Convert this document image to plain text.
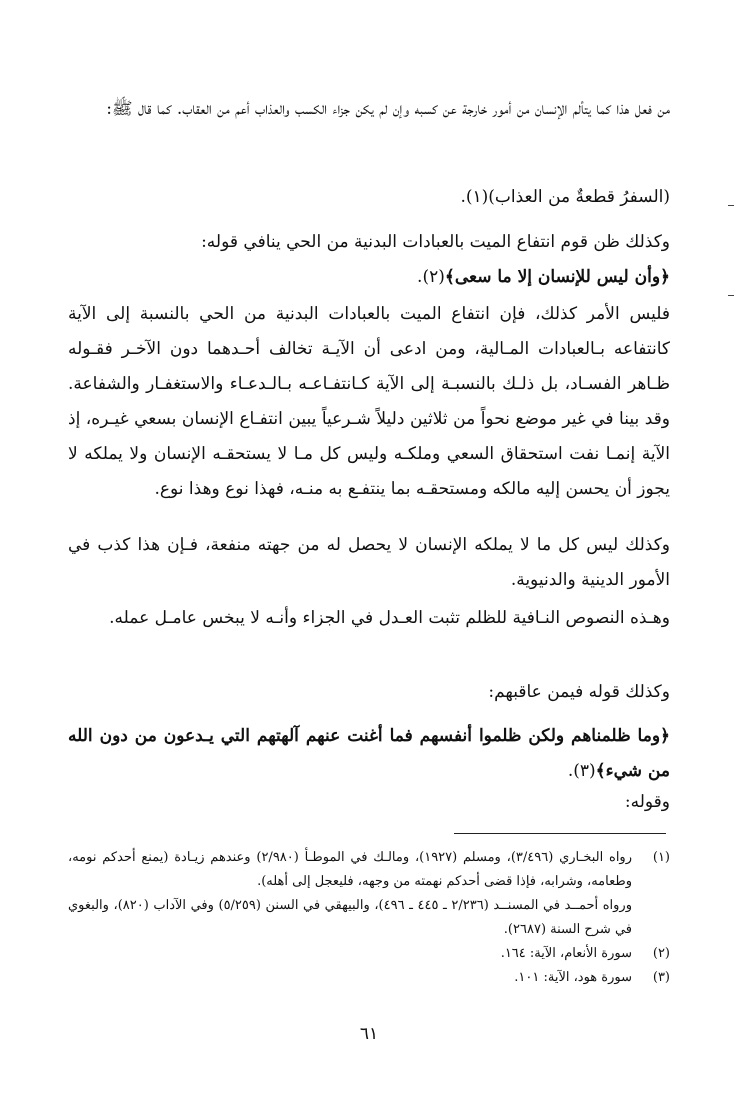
من فعل هذا كما يتألم الإنسان من أمور خارجة عن كسبه وإن لم يكن جزاء الكسب والعذاب أعم من العقاب. كما قال ﷺ:

(السفرُ قطعةٌ من العذاب)(١).

وكذلك ظن قوم انتفاع الميت بالعبادات البدنية من الحي ينافي قوله:
﴿وأن ليس للإنسان إلا ما سعى﴾(٢).

فليس الأمر كذلك، فإن انتفاع الميت بالعبادات البدنية من الحي بالنسبة إلى الآية كانتفاعه بـالعبادات المـالية، ومن ادعى أن الآيـة تخالف أحـدهما دون الآخـر فقـوله ظـاهر الفسـاد، بل ذلـك بالنسبـة إلى الآية كـانتفـاعـه بـالـدعـاء والاستغفـار والشفاعة. وقد بينا في غير موضع نحواً من ثلاثين دليلاً شـرعياً يبين انتفـاع الإنسان بسعي غيـره، إذ الآية إنمـا نفت استحقاق السعي وملكـه وليس كل مـا لا يستحقـه الإنسان ولا يملكه لا يجوز أن يحسن إليه مالكه ومستحقـه بما ينتفـع به منـه، فهذا نوع وهذا نوع.

وكذلك ليس كل ما لا يملكه الإنسان لا يحصل له من جهته منفعة، فـإن هذا كذب في الأمور الدينية والدنيوية.

وهـذه النصوص النـافية للظلم تثبت العـدل في الجزاء وأنـه لا يبخس عامـل عمله.

وكذلك قوله فيمن عاقبهم:

﴿وما ظلمناهم ولكن ظلموا أنفسهم فما أغنت عنهم آلهتهم التي يـدعون من دون الله من شيء﴾(٣).

وقوله:

(١)
رواه البخـاري (٣/٤٩٦)، ومسلم (١٩٢٧)، ومالـك في الموطـأ (٢/٩٨٠) وعندهم زيـادة (يمنع أحدكم نومه، وطعامه، وشرابه، فإذا قضى أحدكم نهمته من وجهه، فليعجل إلى أهله).
ورواه أحمــد في المسنــد (٢/٢٣٦ ـ ٤٤٥ ـ ٤٩٦)، والبيهقي في السنن (٥/٢٥٩) وفي الآداب (٨٢٠)، والبغوي في شرح السنة (٢٦٨٧).
(٢)
سورة الأنعام، الآية: ١٦٤.
(٣)
سورة هود، الآية: ١٠١.
٦١
